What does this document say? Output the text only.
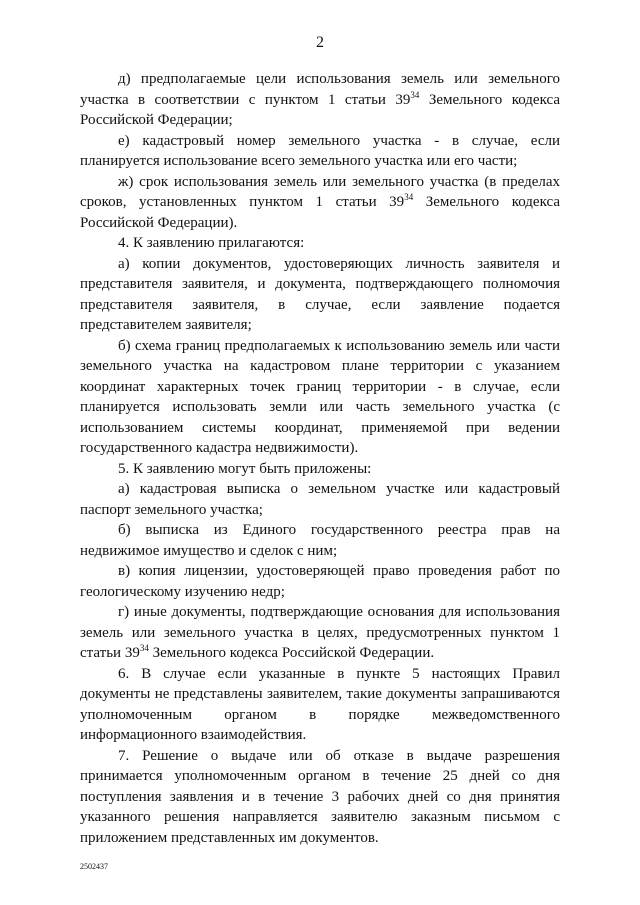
2

д) предполагаемые цели использования земель или земельного участка в соответствии с пунктом 1 статьи $39^{34}$ Земельного кодекса Российской Федерации;

е) кадастровый номер земельного участка - в случае, если планируется использование всего земельного участка или его части;

ж) срок использования земель или земельного участка (в пределах сроков, установленных пунктом 1 статьи $39^{34}$ Земельного кодекса Российской Федерации).

4. К заявлению прилагаются:

а) копии документов, удостоверяющих личность заявителя и представителя заявителя, и документа, подтверждающего полномочия представителя заявителя, в случае, если заявление подается представителем заявителя;

б) схема границ предполагаемых к использованию земель или части земельного участка на кадастровом плане территории с указанием координат характерных точек границ территории - в случае, если планируется использовать земли или часть земельного участка (с использованием системы координат, применяемой при ведении государственного кадастра недвижимости).

5. К заявлению могут быть приложены:

а) кадастровая выписка о земельном участке или кадастровый паспорт земельного участка;

б) выписка из Единого государственного реестра прав на недвижимое имущество и сделок с ним;

в) копия лицензии, удостоверяющей право проведения работ по геологическому изучению недр;

г) иные документы, подтверждающие основания для использования земель или земельного участка в целях, предусмотренных пунктом 1 статьи $39^{34}$ Земельного кодекса Российской Федерации.

6. В случае если указанные в пункте 5 настоящих Правил документы не представлены заявителем, такие документы запрашиваются уполномоченным органом в порядке межведомственного информационного взаимодействия.

7. Решение о выдаче или об отказе в выдаче разрешения принимается уполномоченным органом в течение 25 дней со дня поступления заявления и в течение 3 рабочих дней со дня принятия указанного решения направляется заявителю заказным письмом с приложением представленных им документов.

2502437
